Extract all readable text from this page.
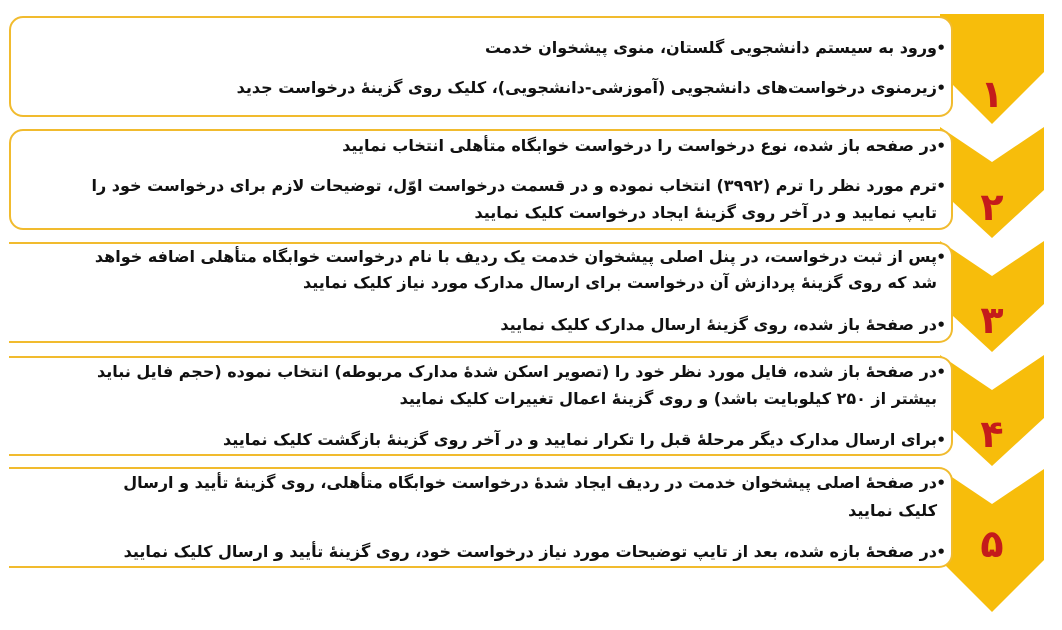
۱
۲
۳
۴
۵
•
ورود به سیستم دانشجویی گلستان، منوی پیشخوان خدمت
•
زیرمنوی درخواست‌های دانشجویی (آموزشی-دانشجویی)، کلیک روی گزینهٔ درخواست جدید
•
در صفحه باز شده، نوع درخواست را درخواست خوابگاه متأهلی انتخاب نمایید
•
ترم مورد نظر را ترم (۳۹۹۲) انتخاب نموده و در قسمت درخواست اوّل، توضیحات لازم برای درخواست خود را
تایپ نمایید و در آخر روی گزینهٔ ایجاد درخواست کلیک نمایید
•
پس از ثبت درخواست، در پنل اصلی پیشخوان خدمت یک ردیف با نام درخواست خوابگاه متأهلی اضافه خواهد
شد که روی گزینهٔ پردازش آن درخواست برای ارسال مدارک مورد نیاز کلیک نمایید
•
در صفحهٔ باز شده، روی گزینهٔ ارسال مدارک کلیک نمایید
•
در صفحهٔ باز شده، فایل مورد نظر خود را (تصویر اسکن شدهٔ مدارک مربوطه) انتخاب نموده (حجم فایل نباید
بیشتر از ۲۵۰ کیلوبایت باشد) و روی گزینهٔ اعمال تغییرات کلیک نمایید
•
برای ارسال مدارک دیگر مرحلهٔ قبل را تکرار نمایید و در آخر روی گزینهٔ بازگشت کلیک نمایید
•
در صفحهٔ اصلی پیشخوان خدمت در ردیف ایجاد شدهٔ درخواست خوابگاه متأهلی، روی گزینهٔ تأیید و ارسال
کلیک نمایید
•
در صفحهٔ بازه شده، بعد از تایپ توضیحات مورد نیاز درخواست خود، روی گزینهٔ تأیید و ارسال کلیک نمایید
